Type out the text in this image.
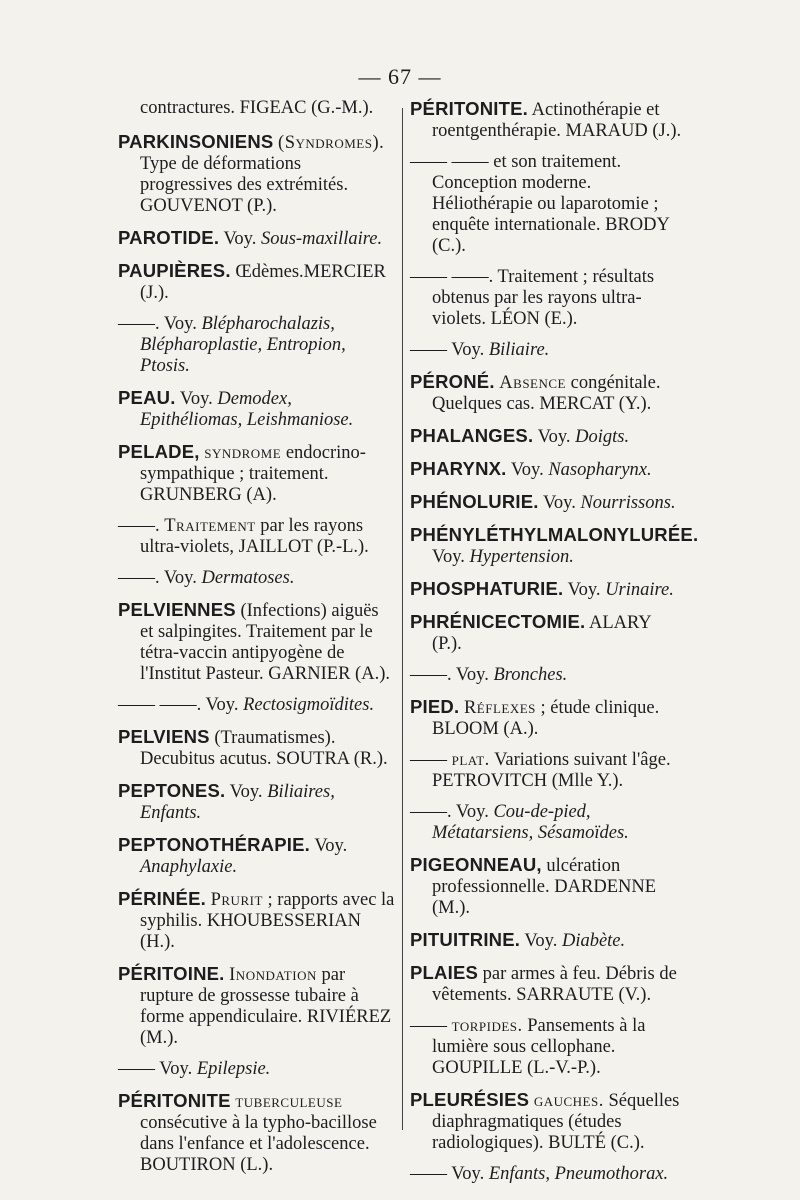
— 67 —
contractures. FIGEAC (G.-M.).
PARKINSONIENS (Syndromes). Type de déformations progressives des extrémités. GOUVENOT (P.).
PAROTIDE. Voy. Sous-maxillaire.
PAUPIÈRES. Œdèmes.MERCIER (J.).
——. Voy. Blépharochalazis, Blépharoplastie, Entropion, Ptosis.
PEAU. Voy. Demodex, Epithéliomas, Leishmaniose.
PELADE, syndrome endocrino-sympathique ; traitement. GRUNBERG (A).
——. Traitement par les rayons ultra-violets, JAILLOT (P.-L.).
——. Voy. Dermatoses.
PELVIENNES (Infections) aiguës et salpingites. Traitement par le tétra-vaccin antipyogène de l'Institut Pasteur. GARNIER (A.).
—— ——. Voy. Rectosigmoïdites.
PELVIENS (Traumatismes). Decubitus acutus. SOUTRA (R.).
PEPTONES. Voy. Biliaires, Enfants.
PEPTONOTHÉRAPIE. Voy. Anaphylaxie.
PÉRINÉE. Prurit ; rapports avec la syphilis. KHOUBESSERIAN (H.).
PÉRITOINE. Inondation par rupture de grossesse tubaire à forme appendiculaire. RIVIÉREZ (M.).
—— Voy. Epilepsie.
PÉRITONITE tuberculeuse consécutive à la typho-bacillose dans l'enfance et l'adolescence. BOUTIRON (L.).
PÉRITONITE. Actinothérapie et roentgenthérapie. MARAUD (J.).
—— —— et son traitement. Conception moderne. Héliothérapie ou laparotomie ; enquête internationale. BRODY (C.).
—— ——. Traitement ; résultats obtenus par les rayons ultra-violets. LÉON (E.).
—— Voy. Biliaire.
PÉRONÉ. Absence congénitale. Quelques cas. MERCAT (Y.).
PHALANGES. Voy. Doigts.
PHARYNX. Voy. Nasopharynx.
PHÉNOLURIE. Voy. Nourrissons.
PHÉNYLÉTHYLMALONYLURÉE. Voy. Hypertension.
PHOSPHATURIE. Voy. Urinaire.
PHRÉNICECTOMIE. ALARY (P.).
——. Voy. Bronches.
PIED. Réflexes ; étude clinique. BLOOM (A.).
—— plat. Variations suivant l'âge. PETROVITCH (Mlle Y.).
——. Voy. Cou-de-pied, Métatarsiens, Sésamoïdes.
PIGEONNEAU, ulcération professionnelle. DARDENNE (M.).
PITUITRINE. Voy. Diabète.
PLAIES par armes à feu. Débris de vêtements. SARRAUTE (V.).
—— torpides. Pansements à la lumière sous cellophane. GOUPILLE (L.-V.-P.).
PLEURÉSIES gauches. Séquelles diaphragmatiques (études radiologiques). BULTÉ (C.).
—— Voy. Enfants, Pneumothorax.
